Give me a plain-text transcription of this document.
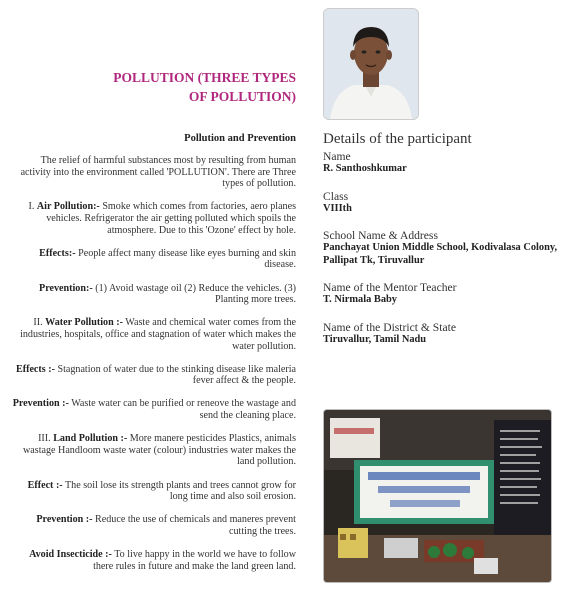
POLLUTION (THREE TYPES
OF POLLUTION)
Pollution and Prevention

The relief of harmful substances most by resulting from human activity into the environment called 'POLLUTION'. There are Three types of pollution.

I. Air Pollution:- Smoke which comes from factories, aero planes vehicles. Refrigerator the air getting polluted which spoils the atmosphere. Due to this 'Ozone' effect by hole.

Effects:- People affect many disease like eyes burning and skin disease.

Prevention:- (1) Avoid wastage oil (2) Reduce the vehicles. (3) Planting more trees.

II. Water Pollution :- Waste and chemical water comes from the industries, hospitals, office and stagnation of water which makes the water pollution.

Effects :- Stagnation of water due to the stinking disease like maleria fever affect & the people.

Prevention :- Waste water can be purified or reneove the wastage and send the cleaning place.

III. Land Pollution :- More manere pesticides Plastics, animals wastage Handloom waste water (colour) industries water makes the land pollution.

Effect :- The soil lose its strength plants and trees cannot grow for long time and also soil erosion.

Prevention :- Reduce the use of chemicals and maneres prevent cutting the trees.

Avoid Insecticide :- To live happy in the world we have to follow there rules in future and make the land green land.

Details of the participant
Name
R. Santhoshkumar
Class
VIIIth
School Name & Address
Panchayat Union Middle School, Kodivalasa Colony, Pallipat Tk, Tiruvallur
Name of the Mentor Teacher
T. Nirmala Baby
Name of the District & State
Tiruvallur, Tamil Nadu
